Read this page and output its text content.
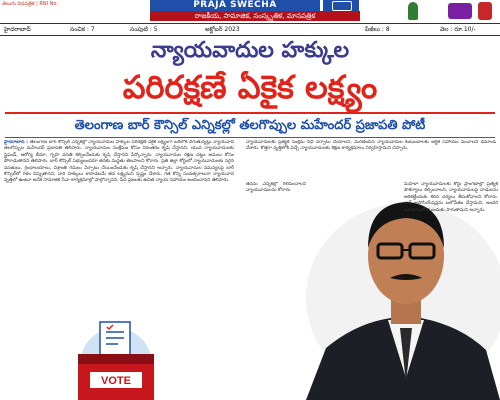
తెలుగు దినపత్రిక | RNI No.	PRAJA SWECHA
రాజకీయ, సామాజిక, సంస్కృతిక, మాసపత్రిక
హైదరాబాద్	సంచిక : 7	సంపుటి : 5	అక్టోబర్ 2023	పేజీలు : 8	వెల : రూ.10/-
న్యాయవాదుల హక్కుల
పరిరక్షణే ఏకైక లక్ష్యం
తెలంగాణ బార్ కౌన్సిల్ ఎన్నికల్లో తలగొప్పుల మహేందర్ ప్రజాపతి పోటీ

హైదరాబాద్ : తెలంగాణ బార్ కౌన్సిల్ ఎన్నికల్లో న్యాయవాదుల హక్కుల పరిరక్షణే ఏకైక లక్ష్యంగా బరిలోకి దిగుతున్నట్లు న్యాయవాది తలగొప్పుల మహేందర్ ప్రజాపతి తెలిపారు. న్యాయవాదుల సంక్షేమం కోసం నిరంతరం కృషి చేస్తానని, యువ న్యాయవాదులకు స్టైఫండ్, ఆరోగ్య బీమా, గృహ వసతి కల్పించేందుకు కృషి చేస్తానని పేర్కొన్నారు. న్యాయవాదుల రక్షణ చట్టం అమలు కోసం పోరాడుతానని తెలిపారు. బార్ కౌన్సిల్ సభ్యులందరూ తనకు మద్దతు తెలపాలని కోరారు. ప్రతి జిల్లా కోర్టులో న్యాయవాదులకు సరైన వసతులు, గ్రంథాలయాలు, విశ్రాంతి గదులు ఏర్పాటు చేయించేందుకు కృషి చేస్తానని అన్నారు. న్యాయవాదుల సమస్యలపై బార్ కౌన్సిల్‌లో గళం విప్పుతానని, వారి హక్కులు కాపాడటమే తన లక్ష్యమని స్పష్టం చేశారు. గత కొన్ని సంవత్సరాలుగా న్యాయవాద వృత్తిలో ఉంటూ అనేక సామాజిక సేవా కార్యక్రమాల్లో పాల్గొన్నానని, పేద ప్రజలకు ఉచిత న్యాయ సహాయం అందించానని తెలిపారు.

న్యాయవాదులకు ప్రత్యేక సంక్షేమ నిధి ఏర్పాటు చేయాలని, మరణించిన న్యాయవాదుల కుటుంబాలకు ఆర్థిక సహాయం పెంచాలని డిమాండ్ చేశారు. కొత్తగా వృత్తిలోకి వచ్చే న్యాయవాదులకు శిక్షణ కార్యక్రమాలు నిర్వహిస్తామని చెప్పారు.

తనను ఎన్నికల్లో గెలిపించాలని న్యాయవాదులను కోరారు.

మహిళా న్యాయవాదులకు కోర్టు ప్రాంగణాల్లో ప్రత్యేక సౌకర్యాలు కల్పించాలని, న్యాయవాదులపై దాడులను అరికట్టేందుకు కఠిన చర్యలు తీసుకోవాలని కోరారు. బార్ అసోసియేషన్లను బలోపేతం చేస్తామని, అందరి సహకారంతో ముందుకు సాగుతామని అన్నారు.

VOTE
